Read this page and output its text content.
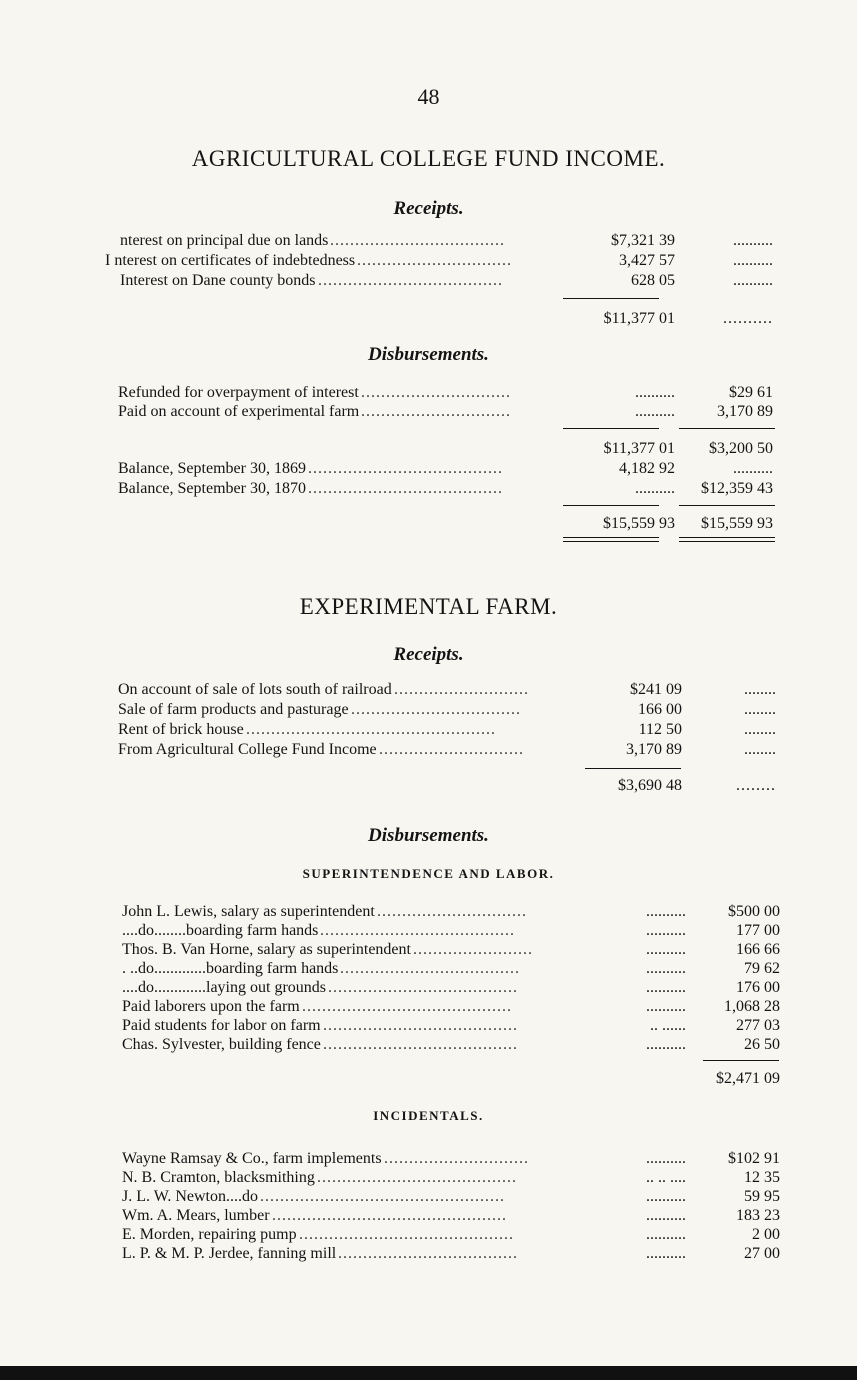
48
AGRICULTURAL COLLEGE FUND INCOME.
Receipts.
nterest on principal due on lands ...................................	$7,321 39	..........
I nterest on certificates of indebtedness ...............................	3,427 57	..........
Interest on Dane county bonds .....................................	628 05	..........
$11,377 01	..........
Disbursements.
Refunded for overpayment of interest ..............................	..........	$29 61
Paid on account of experimental farm ..............................	..........	3,170 89
$11,377 01	$3,200 50
Balance, September 30, 1869 .......................................	4,182 92	..........
Balance, September 30, 1870 .......................................	..........	$12,359 43
$15,559 93	$15,559 93
EXPERIMENTAL FARM.
Receipts.
On account of sale of lots south of railroad ...........................	$241 09	........
Sale of farm products and pasturage ..................................	166 00	........
Rent of brick house ..................................................	112 50	........
From Agricultural College Fund Income .............................	3,170 89	........
$3,690 48	........
Disbursements.
SUPERINTENDENCE AND LABOR.
John L. Lewis, salary as superintendent ..............................	..........	$500 00
....do........boarding farm hands .......................................	..........	177 00
Thos. B. Van Horne, salary as superintendent ........................	..........	166 66
. ..do.............boarding farm hands ....................................	..........	79 62
....do.............laying out grounds ......................................	..........	176 00
Paid laborers upon the farm ..........................................	..........	1,068 28
Paid students for labor on farm .......................................	.. ......	277 03
Chas. Sylvester, building fence .......................................	..........	26 50
$2,471 09
INCIDENTALS.
Wayne Ramsay & Co., farm implements .............................	..........	$102 91
N. B. Cramton, blacksmithing ........................................	.. .. ....	12 35
J. L. W. Newton....do .................................................	..........	59 95
Wm. A. Mears, lumber ...............................................	..........	183 23
E. Morden, repairing pump ...........................................	..........	2 00
L. P. & M. P. Jerdee, fanning mill ....................................	..........	27 00
